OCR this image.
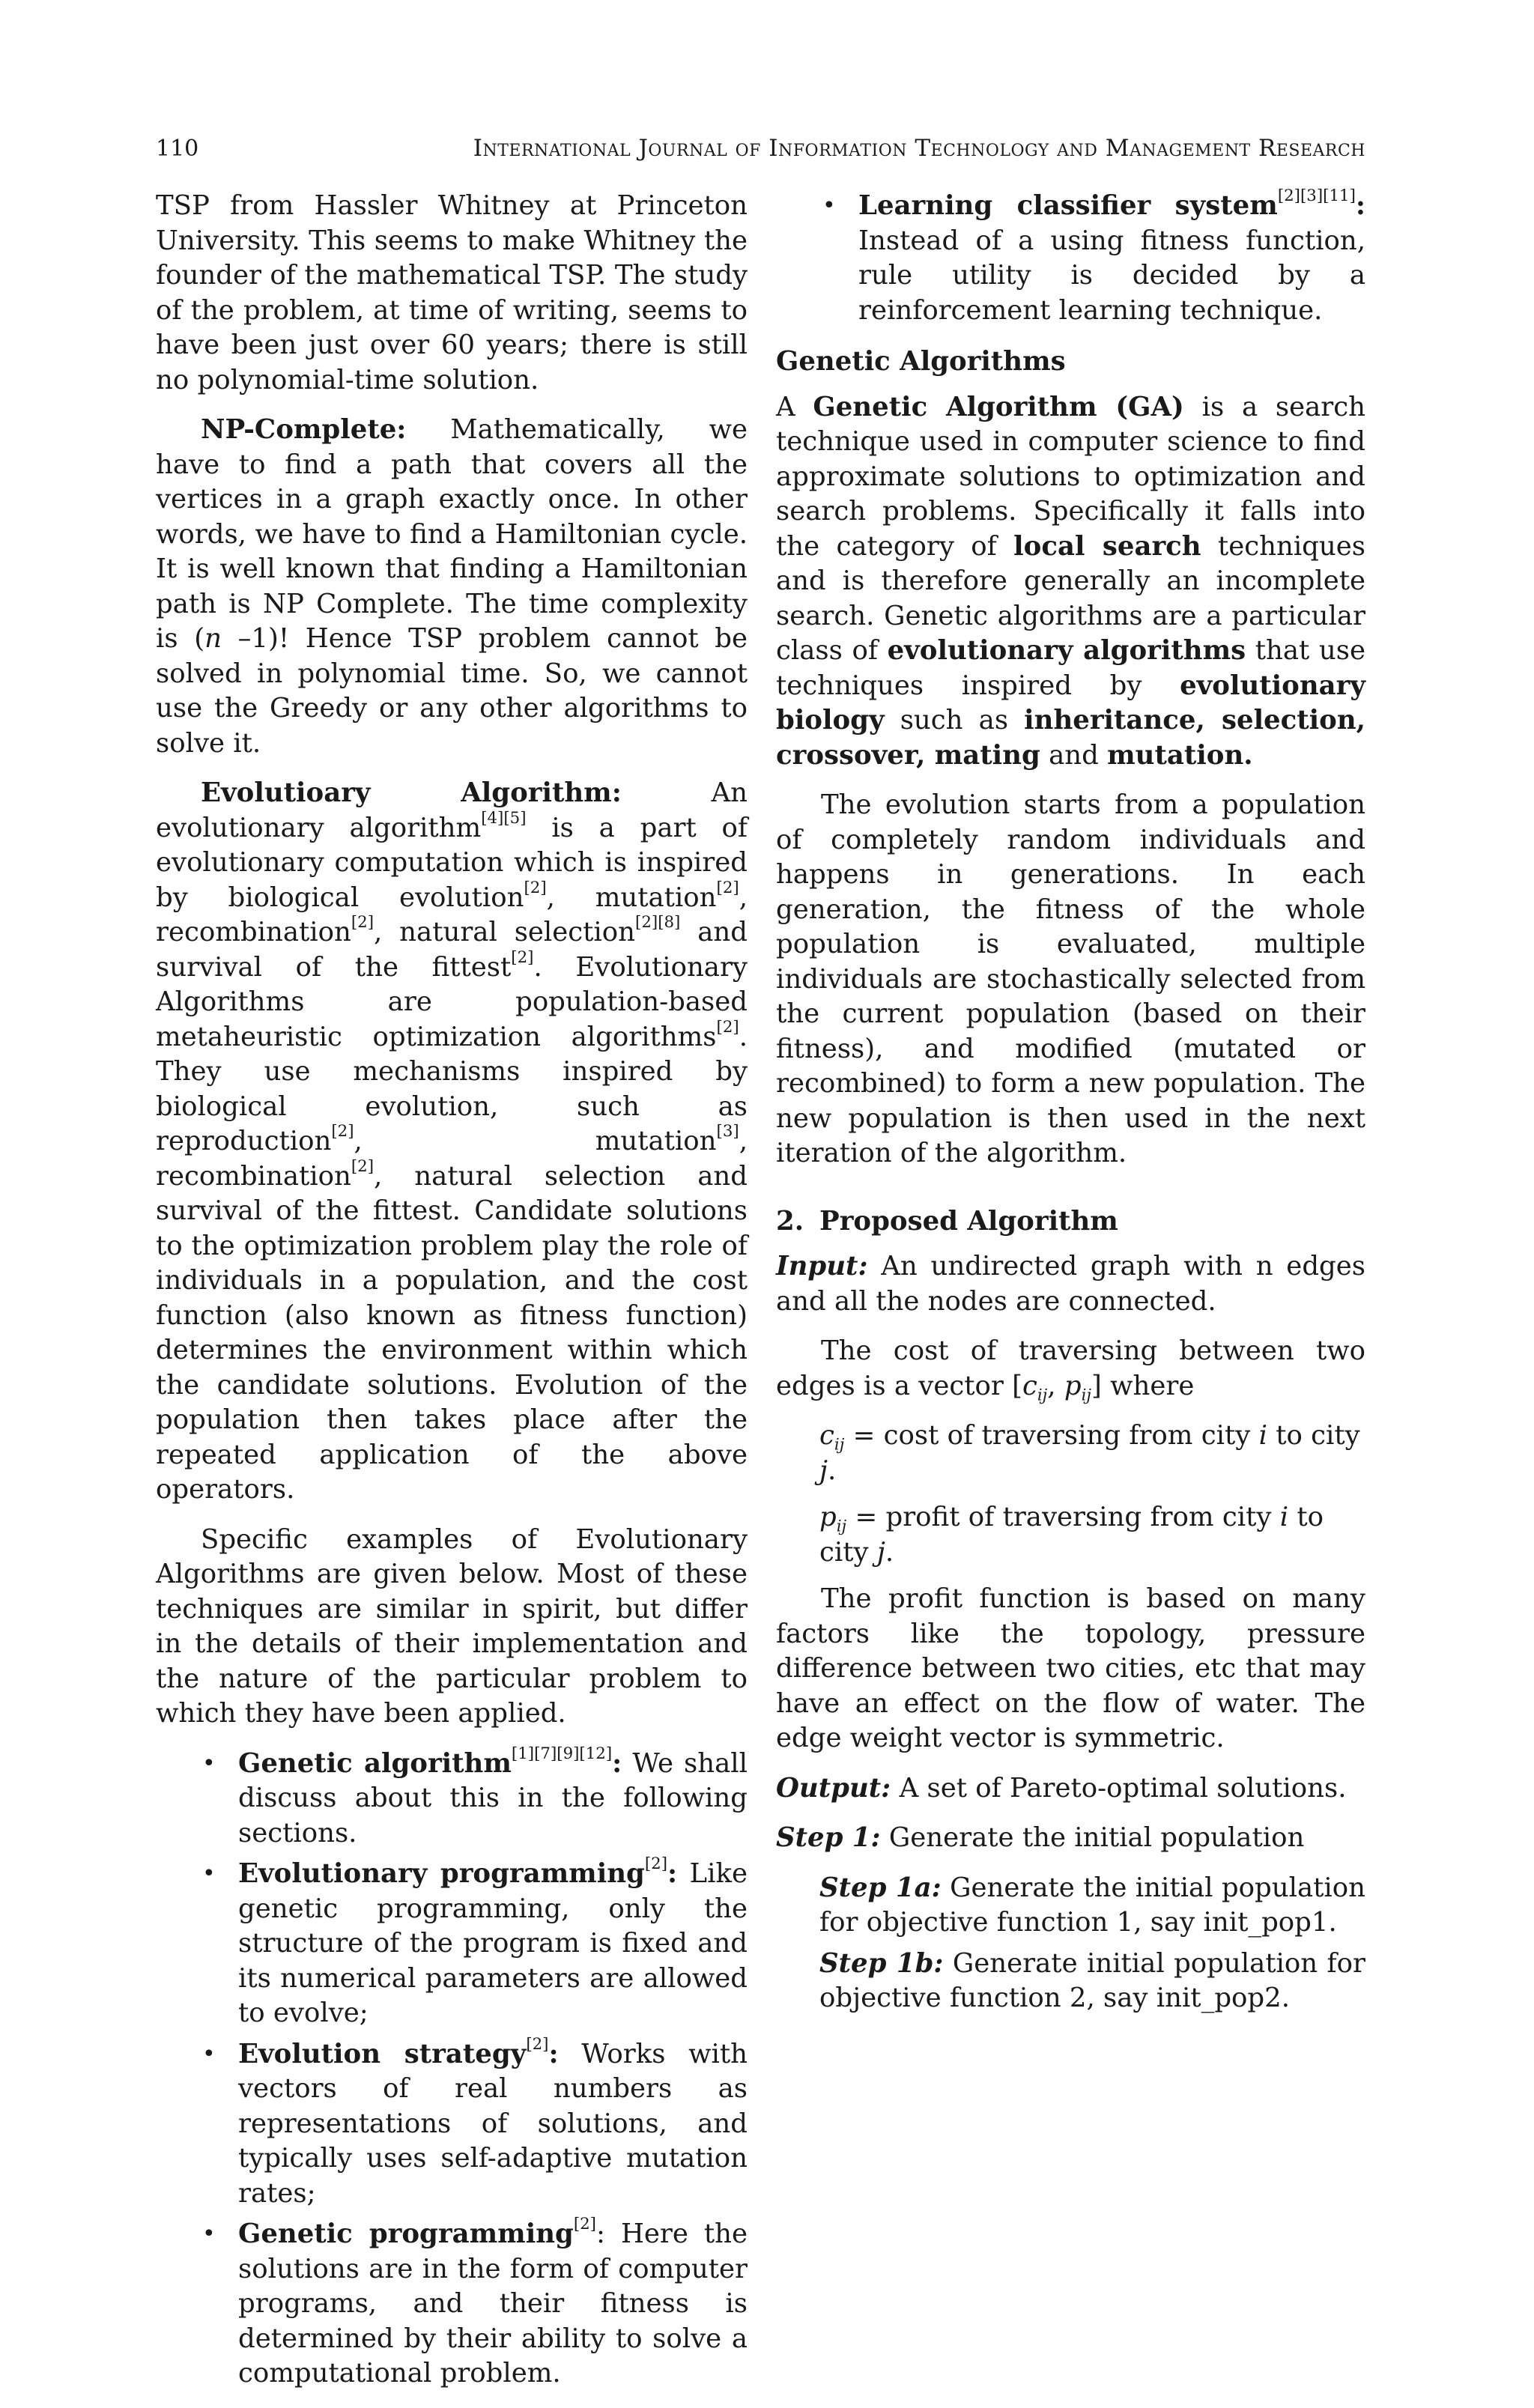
110	International Journal of Information Technology and Management Research

TSP from Hassler Whitney at Princeton University. This seems to make Whitney the founder of the mathematical TSP. The study of the problem, at time of writing, seems to have been just over 60 years; there is still no polynomial-time solution.

NP-Complete: Mathematically, we have to find a path that covers all the vertices in a graph exactly once. In other words, we have to find a Hamiltonian cycle. It is well known that finding a Hamiltonian path is NP Complete. The time complexity is (n –1)! Hence TSP problem cannot be solved in polynomial time. So, we cannot use the Greedy or any other algorithms to solve it.

Evolutioary Algorithm: An evolutionary algorithm[4][5] is a part of evolutionary computation which is inspired by biological evolution[2], mutation[2], recombination[2], natural selection[2][8] and survival of the fittest[2]. Evolutionary Algorithms are population-based metaheuristic optimization algorithms[2]. They use mechanisms inspired by biological evolution, such as reproduction[2], mutation[3], recombination[2], natural selection and survival of the fittest. Candidate solutions to the optimization problem play the role of individuals in a population, and the cost function (also known as fitness function) determines the environment within which the candidate solutions. Evolution of the population then takes place after the repeated application of the above operators.

Specific examples of Evolutionary Algorithms are given below. Most of these techniques are similar in spirit, but differ in the details of their implementation and the nature of the particular problem to which they have been applied.

• Genetic algorithm[1][7][9][12]: We shall discuss about this in the following sections.
• Evolutionary programming[2]: Like genetic programming, only the structure of the program is fixed and its numerical parameters are allowed to evolve;
• Evolution strategy[2]: Works with vectors of real numbers as representations of solutions, and typically uses self-adaptive mutation rates;
• Genetic programming[2]: Here the solutions are in the form of computer programs, and their fitness is determined by their ability to solve a computational problem.
• Learning classifier system[2][3][11]: Instead of a using fitness function, rule utility is decided by a reinforcement learning technique.
Genetic Algorithms

A Genetic Algorithm (GA) is a search technique used in computer science to find approximate solutions to optimization and search problems. Specifically it falls into the category of local search techniques and is therefore generally an incomplete search. Genetic algorithms are a particular class of evolutionary algorithms that use techniques inspired by evolutionary biology such as inheritance, selection, crossover, mating and mutation.

The evolution starts from a population of completely random individuals and happens in generations. In each generation, the fitness of the whole population is evaluated, multiple individuals are stochastically selected from the current population (based on their fitness), and modified (mutated or recombined) to form a new population. The new population is then used in the next iteration of the algorithm.

2. Proposed Algorithm

Input: An undirected graph with n edges and all the nodes are connected.

The cost of traversing between two edges is a vector [$c_{ij}$, $p_{ij}$] where

$c_{ij} = \cos t$ of traversing from city i to city j.

$p_{ij}$ = profit of traversing from city i to city j.

The profit function is based on many factors like the topology, pressure difference between two cities, etc that may have an effect on the flow of water. The edge weight vector is symmetric.

Output: A set of Pareto-optimal solutions.

Step 1: Generate the initial population

Step 1a: Generate the initial population for objective function 1, say init_pop1.

Step 1b: Generate initial population for objective function 2, say init_pop2.
